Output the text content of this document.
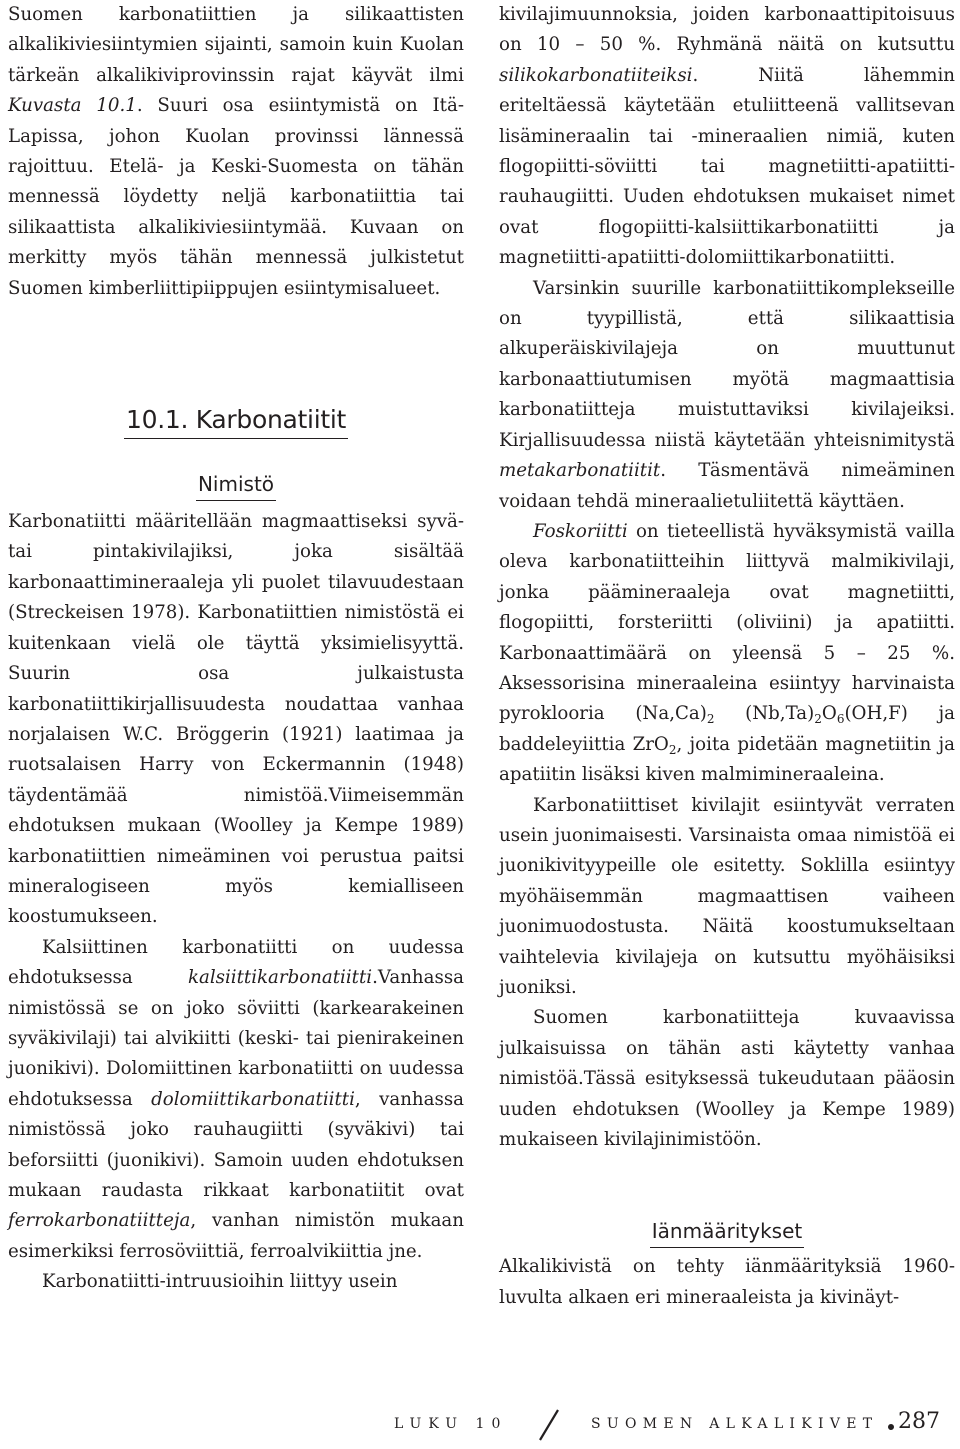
Suomen karbonatiittien ja silikaattisten alkalikiviesiintymien sijainti, samoin kuin Kuolan tärkeän alkalikiviprovinssin rajat käyvät ilmi Kuvasta 10.1. Suuri osa esiintymistä on Itä-Lapissa, johon Kuolan provinssi lännessä rajoittuu. Etelä- ja Keski-Suomesta on tähän mennessä löydetty neljä karbonatiittia tai silikaattista alkalikiviesiintymää. Kuvaan on merkitty myös tähän mennessä julkistetut Suomen kimberliittipiippujen esiintymisalueet.

10.1. Karbonatiitit
Nimistö

Karbonatiitti määritellään magmaattiseksi syvä- tai pintakivilajiksi, joka sisältää karbonaattimineraaleja yli puolet tilavuudestaan (Streckeisen 1978). Karbonatiittien nimistöstä ei kuitenkaan vielä ole täyttä yksimielisyyttä. Suurin osa julkaistusta karbonatiittikirjallisuudesta noudattaa vanhaa norjalaisen W.C. Bröggerin (1921) laatimaa ja ruotsalaisen Harry von Eckermannin (1948) täydentämää nimistöä.Viimeisemmän ehdotuksen mukaan (Woolley ja Kempe 1989) karbonatiittien nimeäminen voi perustua paitsi mineralogiseen myös kemialliseen koostumukseen.

Kalsiittinen karbonatiitti on uudessa ehdotuksessa kalsiittikarbonatiitti.Vanhassa nimistössä se on joko söviitti (karkearakeinen syväkivilaji) tai alvikiitti (keski- tai pienirakeinen juonikivi). Dolomiittinen karbonatiitti on uudessa ehdotuksessa dolomiittikarbonatiitti, vanhassa nimistössä joko rauhaugiitti (syväkivi) tai beforsiitti (juonikivi). Samoin uuden ehdotuksen mukaan raudasta rikkaat karbonatiitit ovat ferrokarbonatiitteja, vanhan nimistön mukaan esimerkiksi ferrosöviittiä, ferroalvikiittia jne.

Karbonatiitti-intruusioihin liittyy usein

kivilajimuunnoksia, joiden karbonaattipitoisuus on 10 – 50 %. Ryhmänä näitä on kutsuttu silikokarbonatiiteiksi. Niitä lähemmin eriteltäessä käytetään etuliitteenä vallitsevan lisämineraalin tai -mineraalien nimiä, kuten flogopiitti-söviitti tai magnetiitti-apatiitti-rauhaugiitti. Uuden ehdotuksen mukaiset nimet ovat flogopiitti-kalsiittikarbonatiitti ja magnetiitti-apatiitti-dolomiittikarbonatiitti.

Varsinkin suurille karbonatiittikomplekseille on tyypillistä, että silikaattisia alkuperäiskivilajeja on muuttunut karbonaattiutumisen myötä magmaattisia karbonatiitteja muistuttaviksi kivilajeiksi. Kirjallisuudessa niistä käytetään yhteisnimitystä metakarbonatiitit. Täsmentävä nimeäminen voidaan tehdä mineraalietuliitettä käyttäen.

Foskoriitti on tieteellistä hyväksymistä vailla oleva karbonatiitteihin liittyvä malmikivilaji, jonka päämineraaleja ovat magnetiitti, flogopiitti, forsteriitti (oliviini) ja apatiitti. Karbonaattimäärä on yleensä 5 – 25 %. Aksessorisina mineraaleina esiintyy harvinaista pyroklooria $(Na,Ca)_2$ $(Nb,Ta)_2O_6(OH,F)$ ja baddeleyiittia ZrO$_2$, joita pidetään magnetiitin ja apatiitin lisäksi kiven malmimineraaleina.

Karbonatiittiset kivilajit esiintyvät verraten usein juonimaisesti. Varsinaista omaa nimistöä ei juonikivityypeille ole esitetty. Soklilla esiintyy myöhäisemmän magmaattisen vaiheen juonimuodostusta. Näitä koostumukseltaan vaihtelevia kivilajeja on kutsuttu myöhäisiksi juoniksi.

Suomen karbonatiitteja kuvaavissa julkaisuissa on tähän asti käytetty vanhaa nimistöä.Tässä esityksessä tukeudutaan pääosin uuden ehdotuksen (Woolley ja Kempe 1989) mukaiseen kivilajinimistöön.

Iänmääritykset

Alkalikivistä on tehty iänmäärityksiä 1960-luvulta alkaen eri mineraaleista ja kivinäyt-

LUKU 10	SUOMEN ALKALIKIVET 287
